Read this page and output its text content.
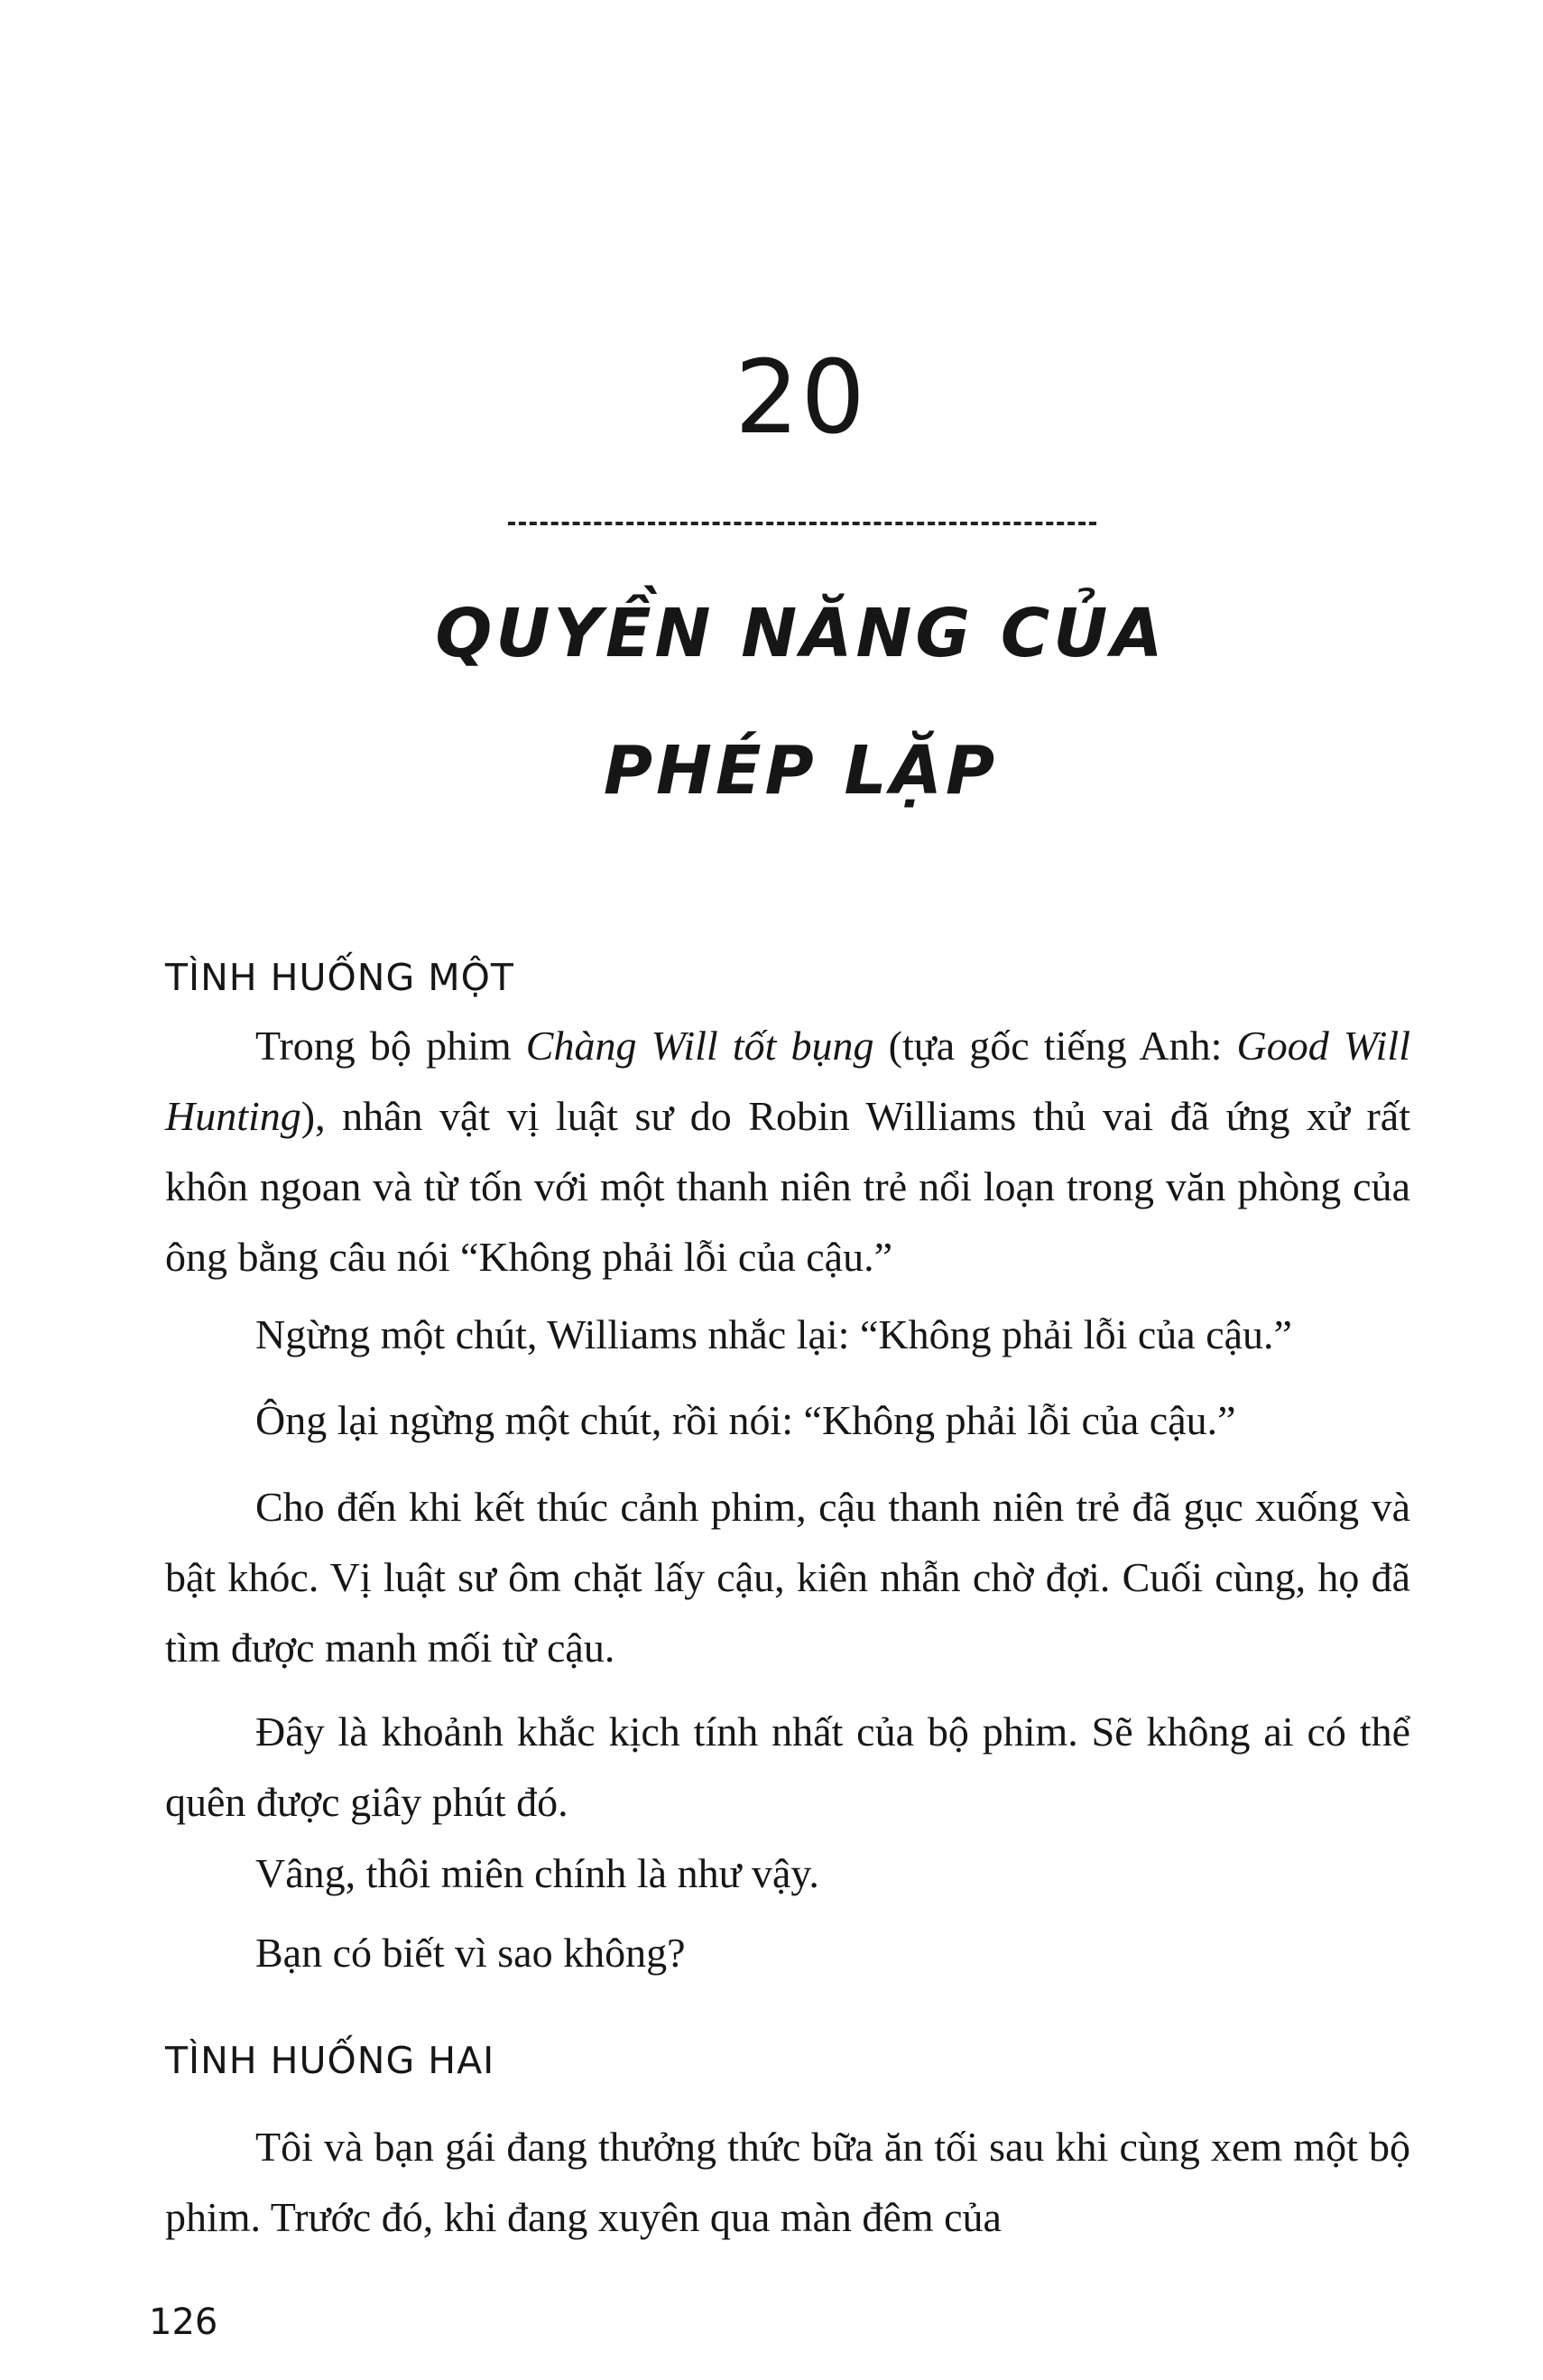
20
QUYỀN NĂNG CỦA
PHÉP LẶP
TÌNH HUỐNG MỘT

Trong bộ phim Chàng Will tốt bụng (tựa gốc tiếng Anh: Good Will Hunting), nhân vật vị luật sư do Robin Williams thủ vai đã ứng xử rất khôn ngoan và từ tốn với một thanh niên trẻ nổi loạn trong văn phòng của ông bằng câu nói “Không phải lỗi của cậu.”

Ngừng một chút, Williams nhắc lại: “Không phải lỗi của cậu.”

Ông lại ngừng một chút, rồi nói: “Không phải lỗi của cậu.”

Cho đến khi kết thúc cảnh phim, cậu thanh niên trẻ đã gục xuống và bật khóc. Vị luật sư ôm chặt lấy cậu, kiên nhẫn chờ đợi. Cuối cùng, họ đã tìm được manh mối từ cậu.

Đây là khoảnh khắc kịch tính nhất của bộ phim. Sẽ không ai có thể quên được giây phút đó.

Vâng, thôi miên chính là như vậy.

Bạn có biết vì sao không?

TÌNH HUỐNG HAI

Tôi và bạn gái đang thưởng thức bữa ăn tối sau khi cùng xem một bộ phim. Trước đó, khi đang xuyên qua màn đêm của

126
